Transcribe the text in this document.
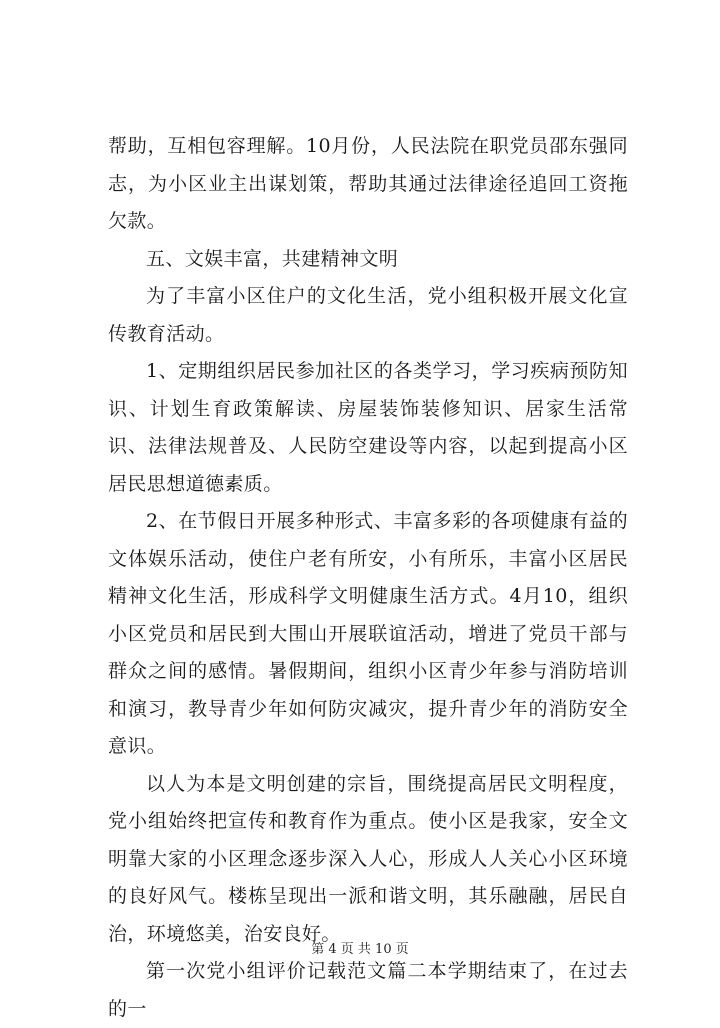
帮助，互相包容理解。10月份，人民法院在职党员邵东强同志，为小区业主出谋划策，帮助其通过法律途径追回工资拖欠款。

五、文娱丰富，共建精神文明

为了丰富小区住户的文化生活，党小组积极开展文化宣传教育活动。

1、定期组织居民参加社区的各类学习，学习疾病预防知识、计划生育政策解读、房屋装饰装修知识、居家生活常识、法律法规普及、人民防空建设等内容，以起到提高小区居民思想道德素质。

2、在节假日开展多种形式、丰富多彩的各项健康有益的文体娱乐活动，使住户老有所安，小有所乐，丰富小区居民精神文化生活，形成科学文明健康生活方式。4月10，组织小区党员和居民到大围山开展联谊活动，增进了党员干部与群众之间的感情。暑假期间，组织小区青少年参与消防培训和演习，教导青少年如何防灾减灾，提升青少年的消防安全意识。

以人为本是文明创建的宗旨，围绕提高居民文明程度，党小组始终把宣传和教育作为重点。使小区是我家，安全文明靠大家的小区理念逐步深入人心，形成人人关心小区环境的良好风气。楼栋呈现出一派和谐文明，其乐融融，居民自治，环境悠美，治安良好。

第一次党小组评价记载范文篇二本学期结束了，在过去的一

第 4 页 共 10 页
